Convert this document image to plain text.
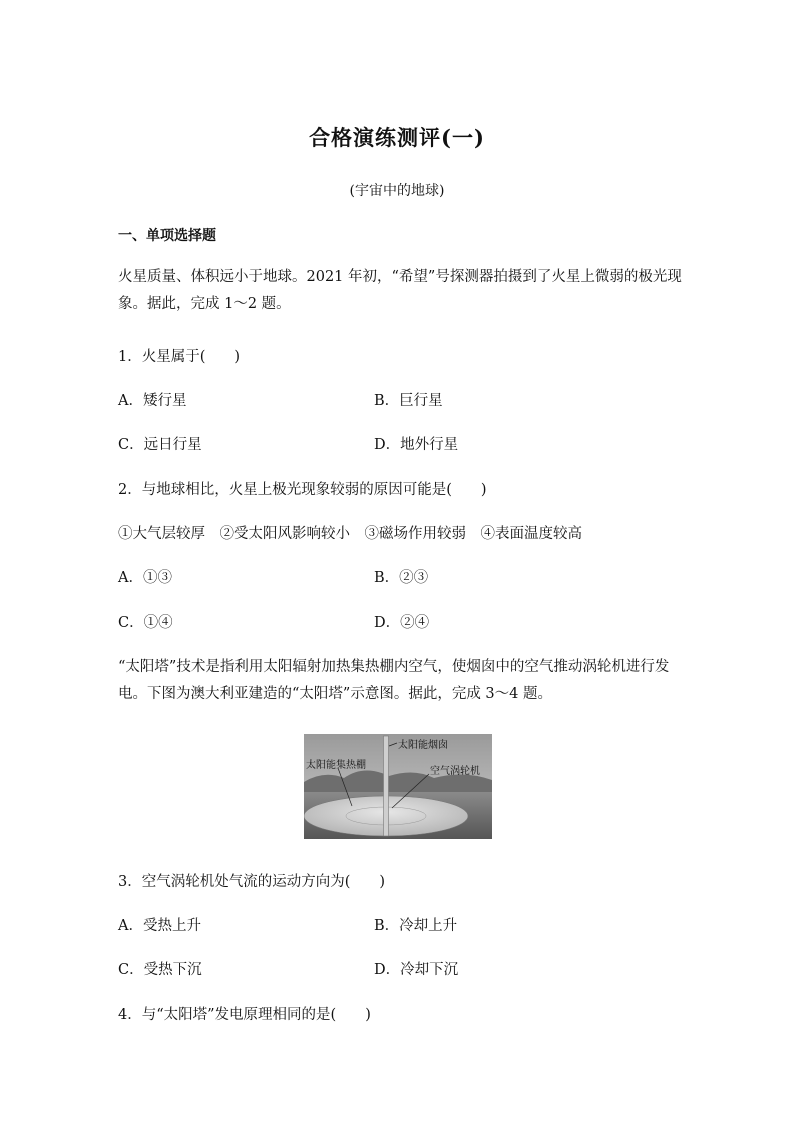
合格演练测评(一)
(宇宙中的地球)
一、单项选择题
火星质量、体积远小于地球。2021 年初，“希望”号探测器拍摄到了火星上微弱的极光现象。据此，完成 1～2 题。
1．火星属于(　　)
A．矮行星	B．巨行星
C．远日行星	D．地外行星
2．与地球相比，火星上极光现象较弱的原因可能是(　　)
①大气层较厚　②受太阳风影响较小　③磁场作用较弱　④表面温度较高
A．①③	B．②③
C．①④	D．②④
“太阳塔”技术是指利用太阳辐射加热集热棚内空气，使烟囱中的空气推动涡轮机进行发电。下图为澳大利亚建造的“太阳塔”示意图。据此，完成 3～4 题。
太阳能烟囱
太阳能集热棚
空气涡轮机
3．空气涡轮机处气流的运动方向为(　　)
A．受热上升	B．冷却上升
C．受热下沉	D．冷却下沉
4．与“太阳塔”发电原理相同的是(　　)
